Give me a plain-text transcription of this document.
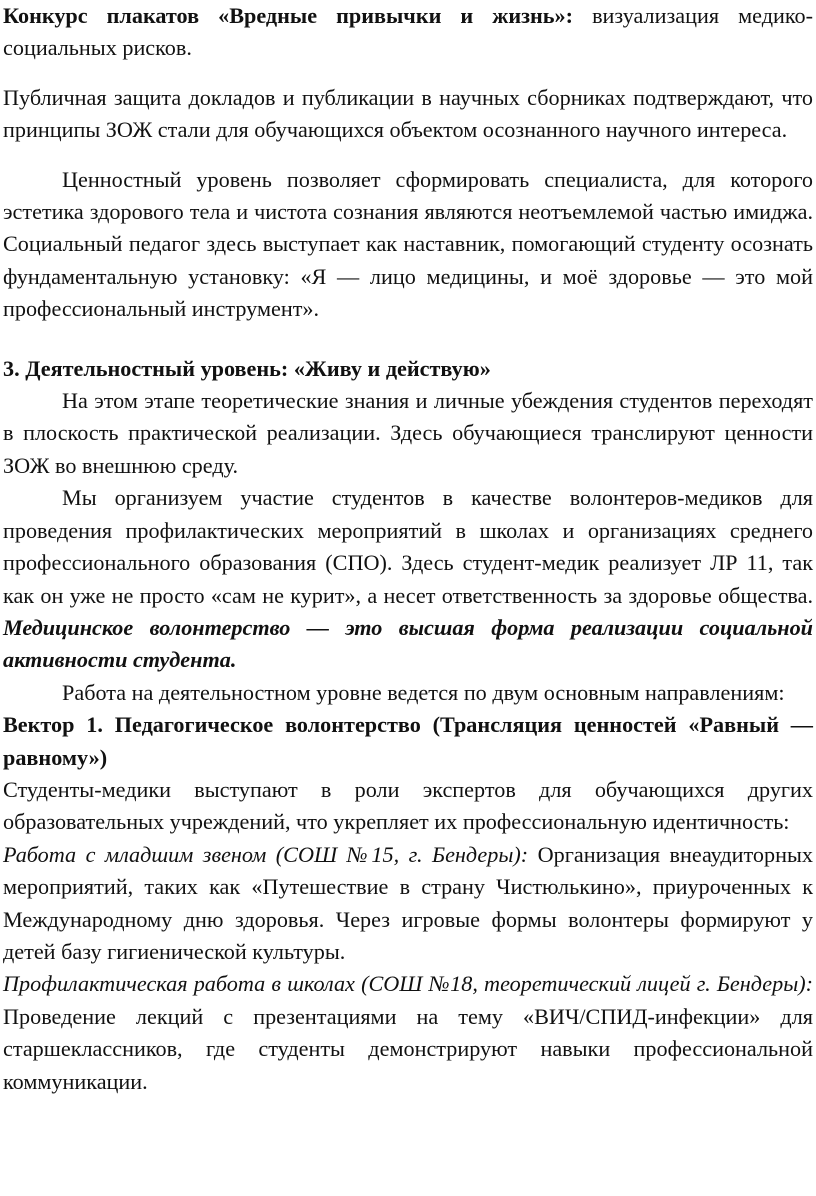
Конкурс плакатов «Вредные привычки и жизнь»: визуализация медико-социальных рисков.

Публичная защита докладов и публикации в научных сборниках подтверждают, что принципы ЗОЖ стали для обучающихся объектом осознанного научного интереса.

Ценностный уровень позволяет сформировать специалиста, для которого эстетика здорового тела и чистота сознания являются неотъемлемой частью имиджа. Социальный педагог здесь выступает как наставник, помогающий студенту осознать фундаментальную установку: «Я — лицо медицины, и моё здоровье — это мой профессиональный инструмент».

3. Деятельностный уровень: «Живу и действую»

На этом этапе теоретические знания и личные убеждения студентов переходят в плоскость практической реализации. Здесь обучающиеся транслируют ценности ЗОЖ во внешнюю среду.

Мы организуем участие студентов в качестве волонтеров-медиков для проведения профилактических мероприятий в школах и организациях среднего профессионального образования (СПО). Здесь студент-медик реализует ЛР 11, так как он уже не просто «сам не курит», а несет ответственность за здоровье общества. Медицинское волонтерство — это высшая форма реализации социальной активности студента.

Работа на деятельностном уровне ведется по двум основным направлениям:

Вектор 1. Педагогическое волонтерство (Трансляция ценностей «Равный — равному»)

Студенты-медики выступают в роли экспертов для обучающихся других образовательных учреждений, что укрепляет их профессиональную идентичность:

Работа с младшим звеном (СОШ №15, г. Бендеры): Организация внеаудиторных мероприятий, таких как «Путешествие в страну Чистюлькино», приуроченных к Международному дню здоровья. Через игровые формы волонтеры формируют у детей базу гигиенической культуры.

Профилактическая работа в школах (СОШ №18, теоретический лицей г. Бендеры): Проведение лекций с презентациями на тему «ВИЧ/СПИД-инфекции» для старшеклассников, где студенты демонстрируют навыки профессиональной коммуникации.
